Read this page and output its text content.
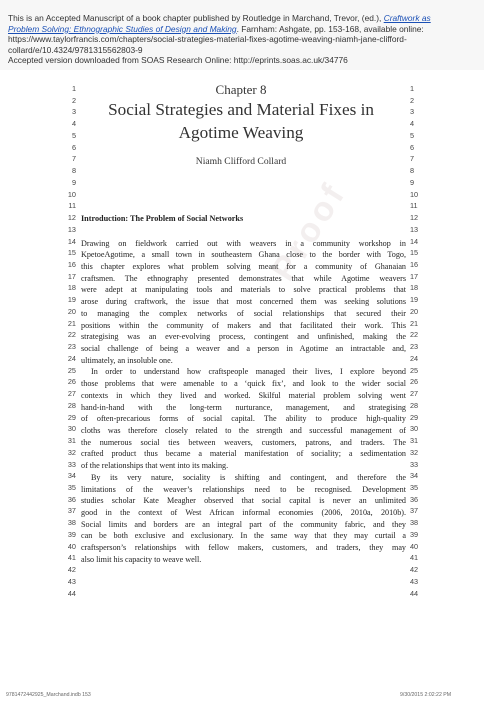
This is an Accepted Manuscript of a book chapter published by Routledge in Marchand, Trevor, (ed.), Craftwork as
Problem Solving: Ethnographic Studies of Design and Making. Farnham: Ashgate, pp. 153-168, available online:
https://www.taylorfrancis.com/chapters/social-strategies-material-fixes-agotime-weaving-niamh-jane-clifford-
collard/e/10.4324/9781315562803-9
Accepted version downloaded from SOAS Research Online: http://eprints.soas.ac.uk/34776
Proof
1
2
3
4
5
6
7
8
9
10
11
12
13
14
15
16
17
18
19
20
21
22
23
24
25
26
27
28
29
30
31
32
33
34
35
36
37
38
39
40
41
42
43
44
1
2
3
4
5
6
7
8
9
10
11
12
13
14
15
16
17
18
19
20
21
22
23
24
25
26
27
28
29
30
31
32
33
34
35
36
37
38
39
40
41
42
43
44
Chapter 8
Social Strategies and Material Fixes in
Agotime Weaving
Niamh Clifford Collard
Introduction: The Problem of Social Networks
Drawing on fieldwork carried out with weavers in a community workshop in
KpetoeAgotime, a small town in southeastern Ghana close to the border with Togo,
this chapter explores what problem solving meant for a community of Ghanaian
craftsmen. The ethnography presented demonstrates that while Agotime weavers
were adept at manipulating tools and materials to solve practical problems that
arose during craftwork, the issue that most concerned them was seeking solutions
to managing the complex networks of social relationships that secured their
positions within the community of makers and that facilitated their work. This
strategising was an ever-evolving process, contingent and unfinished, making the
social challenge of being a weaver and a person in Agotime an intractable and,
ultimately, an insoluble one.
In order to understand how craftspeople managed their lives, I explore beyond
those problems that were amenable to a ‘quick fix’, and look to the wider social
contexts in which they lived and worked. Skilful material problem solving went
hand-in-hand with the long-term nurturance, management, and strategising
of often-precarious forms of social capital. The ability to produce high-quality
cloths was therefore closely related to the strength and successful management of
the numerous social ties between weavers, customers, patrons, and traders. The
crafted product thus became a material manifestation of sociality; a sedimentation
of the relationships that went into its making.
By its very nature, sociality is shifting and contingent, and therefore the
limitations of the weaver’s relationships need to be recognised. Development
studies scholar Kate Meagher observed that social capital is never an unlimited
good in the context of West African informal economies (2006, 2010a, 2010b).
Social limits and borders are an integral part of the community fabric, and they
can be both exclusive and exclusionary. In the same way that they may curtail a
craftsperson’s relationships with fellow makers, customers, and traders, they may
also limit his capacity to weave well.
9781472442925_Marchand.indb 153	9/30/2015 2:02:22 PM
